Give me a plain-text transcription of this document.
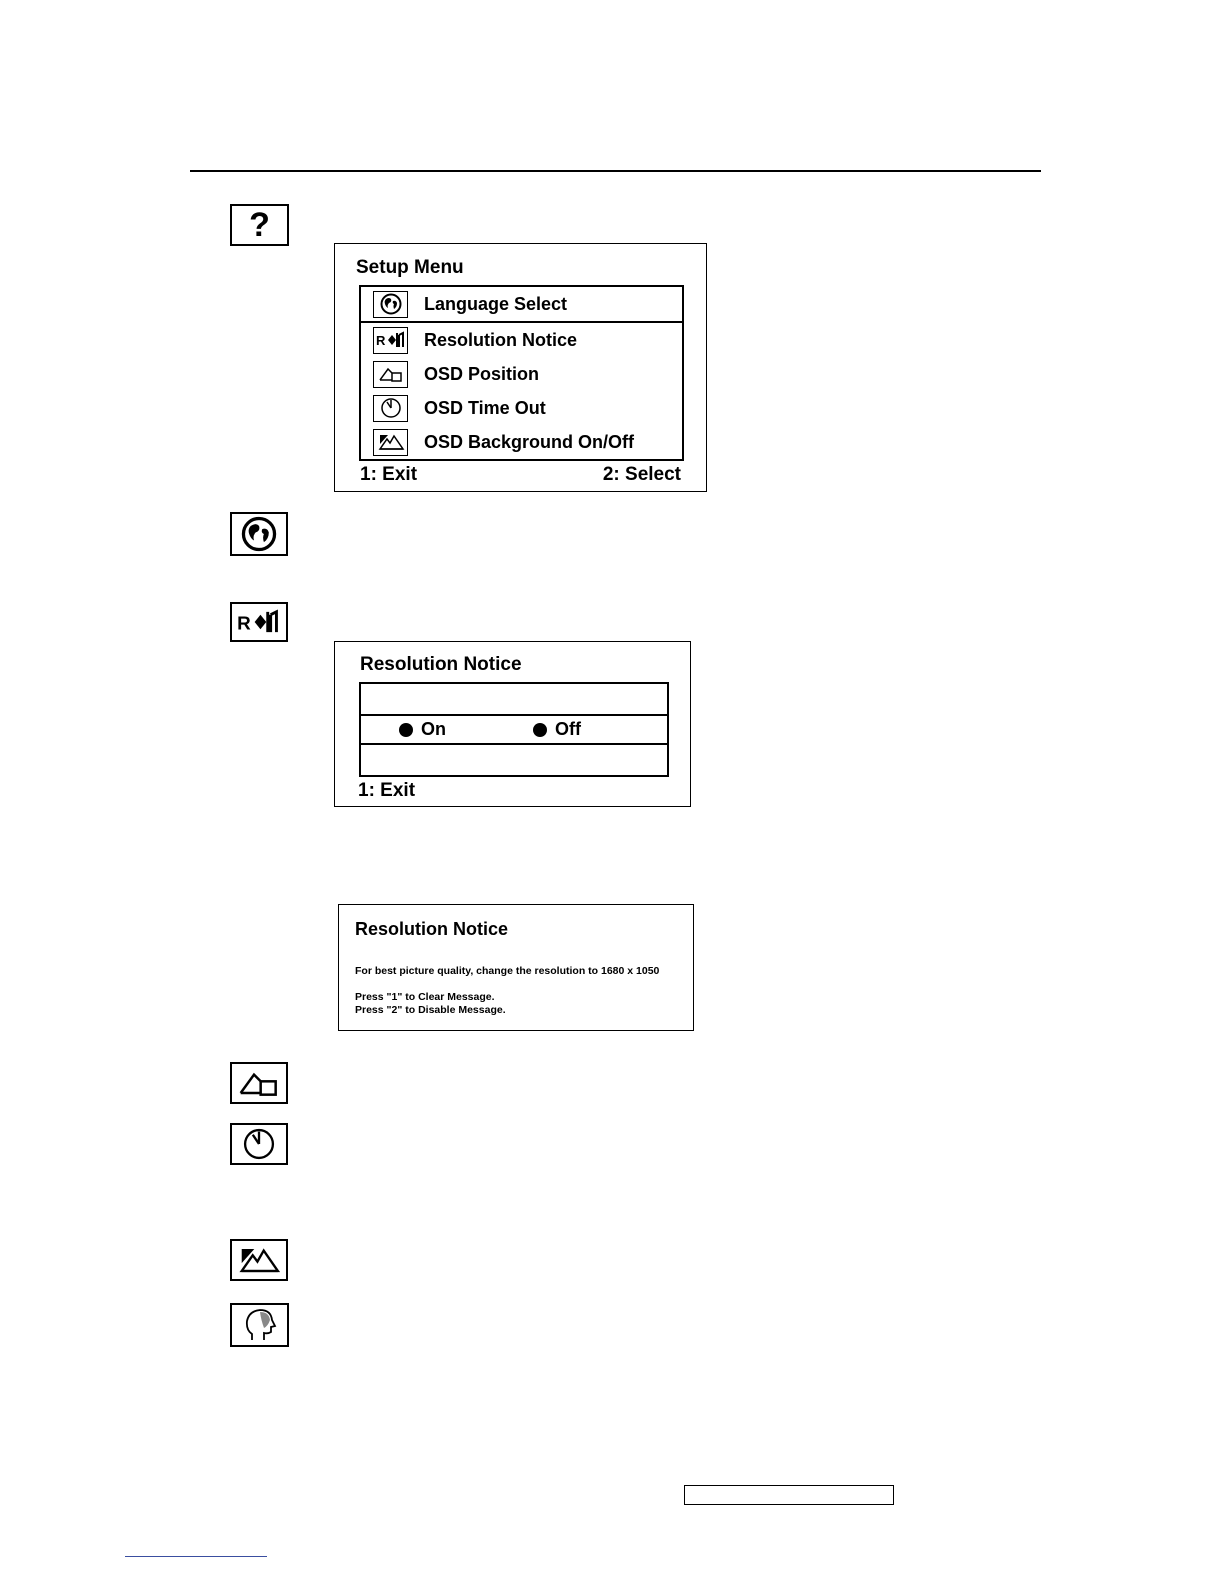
?
Setup Menu
Language Select
R Resolution Notice
OSD Position
OSD Time Out
OSD Background On/Off
1: Exit	2: Select
R
Resolution Notice
On	Off
1: Exit
Resolution Notice
For best picture quality, change the resolution to 1680 x 1050
Press "1" to Clear Message.
Press "2" to Disable Message.
